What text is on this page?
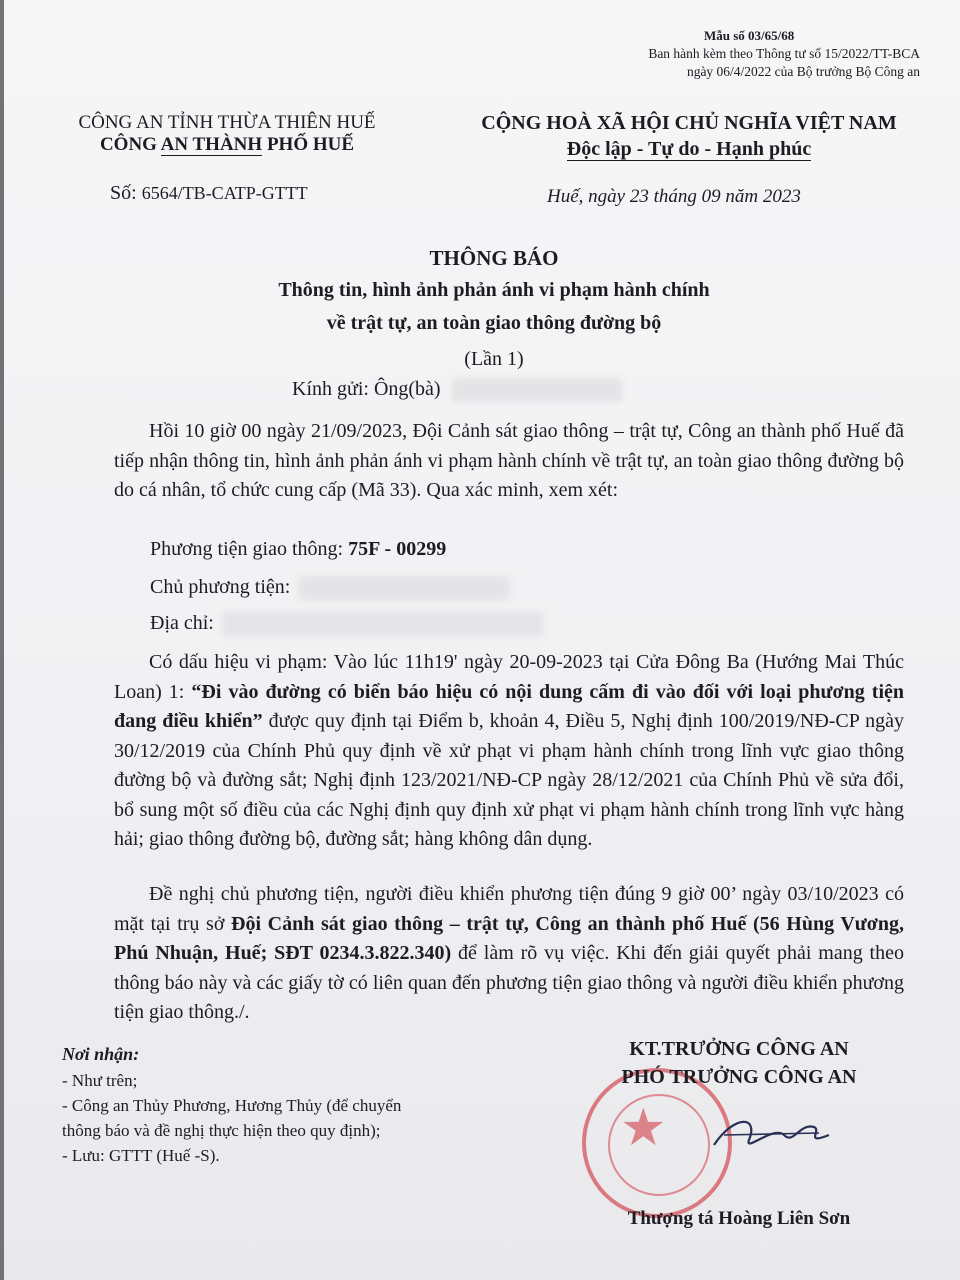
Mẫu số 03/65/68
Ban hành kèm theo Thông tư số 15/2022/TT-BCA
ngày 06/4/2022 của Bộ trưởng Bộ Công an
CÔNG AN TỈNH THỪA THIÊN HUẾ
CÔNG AN THÀNH PHỐ HUẾ
Số: 6564/TB-CATP-GTTT
CỘNG HOÀ XÃ HỘI CHỦ NGHĨA VIỆT NAM
Độc lập - Tự do - Hạnh phúc
Huế, ngày 23 tháng 09 năm 2023
THÔNG BÁO
Thông tin, hình ảnh phản ánh vi phạm hành chính
về trật tự, an toàn giao thông đường bộ
(Lần 1)
Kính gửi: Ông(bà)
Hồi 10 giờ 00 ngày 21/09/2023, Đội Cảnh sát giao thông – trật tự, Công an thành phố Huế đã tiếp nhận thông tin, hình ảnh phản ánh vi phạm hành chính về trật tự, an toàn giao thông đường bộ do cá nhân, tổ chức cung cấp (Mã 33). Qua xác minh, xem xét:
Phương tiện giao thông: 75F - 00299
Chủ phương tiện:
Địa chỉ:
Có dấu hiệu vi phạm: Vào lúc 11h19' ngày 20-09-2023 tại Cửa Đông Ba (Hướng Mai Thúc Loan) 1: “Đi vào đường có biển báo hiệu có nội dung cấm đi vào đối với loại phương tiện đang điều khiển” được quy định tại Điểm b, khoản 4, Điều 5, Nghị định 100/2019/NĐ-CP ngày 30/12/2019 của Chính Phủ quy định về xử phạt vi phạm hành chính trong lĩnh vực giao thông đường bộ và đường sắt; Nghị định 123/2021/NĐ-CP ngày 28/12/2021 của Chính Phủ về sửa đổi, bổ sung một số điều của các Nghị định quy định xử phạt vi phạm hành chính trong lĩnh vực hàng hải; giao thông đường bộ, đường sắt; hàng không dân dụng.
Đề nghị chủ phương tiện, người điều khiển phương tiện đúng 9 giờ 00’ ngày 03/10/2023 có mặt tại trụ sở Đội Cảnh sát giao thông – trật tự, Công an thành phố Huế (56 Hùng Vương, Phú Nhuận, Huế; SĐT 0234.3.822.340) để làm rõ vụ việc. Khi đến giải quyết phải mang theo thông báo này và các giấy tờ có liên quan đến phương tiện giao thông và người điều khiển phương tiện giao thông./.
Nơi nhận:
- Như trên;
- Công an Thủy Phương, Hương Thủy (để chuyển
thông báo và đề nghị thực hiện theo quy định);
- Lưu: GTTT (Huế -S).	★
KT.TRƯỞNG CÔNG AN
PHÓ TRƯỞNG CÔNG AN
Thượng tá Hoàng Liên Sơn
